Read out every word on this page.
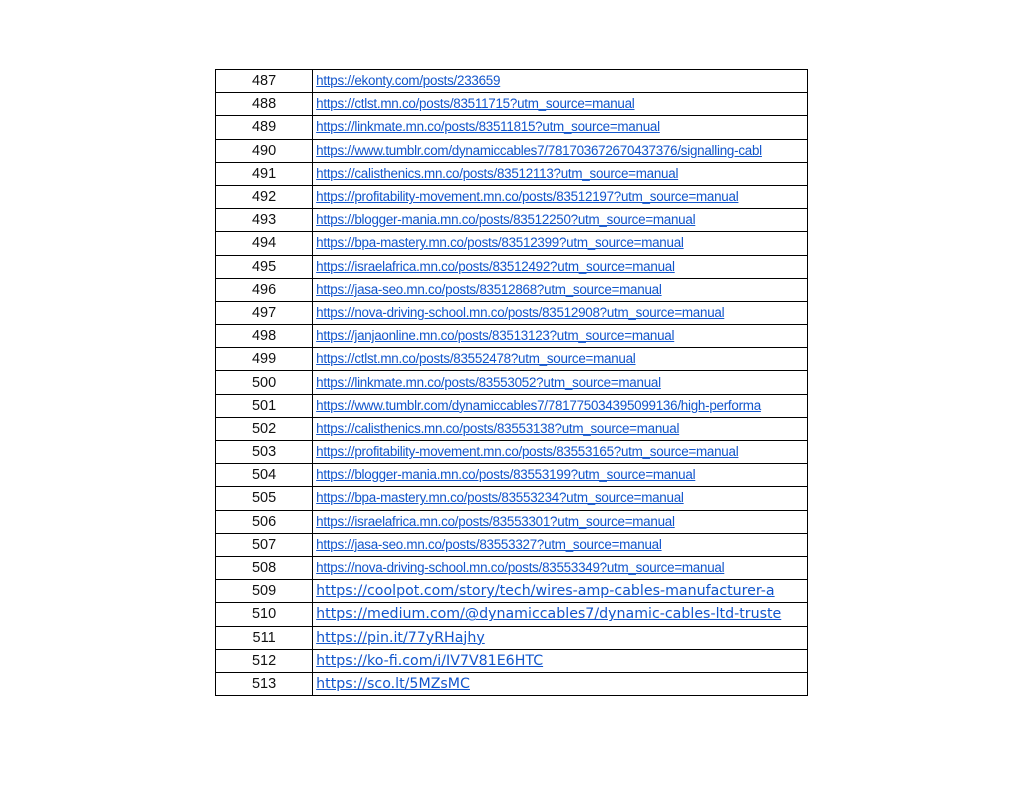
487	https://ekonty.com/posts/233659
488	https://ctlst.mn.co/posts/83511715?utm_source=manual
489	https://linkmate.mn.co/posts/83511815?utm_source=manual
490	https://www.tumblr.com/dynamiccables7/781703672670437376/signalling-cabl
491	https://calisthenics.mn.co/posts/83512113?utm_source=manual
492	https://profitability-movement.mn.co/posts/83512197?utm_source=manual
493	https://blogger-mania.mn.co/posts/83512250?utm_source=manual
494	https://bpa-mastery.mn.co/posts/83512399?utm_source=manual
495	https://israelafrica.mn.co/posts/83512492?utm_source=manual
496	https://jasa-seo.mn.co/posts/83512868?utm_source=manual
497	https://nova-driving-school.mn.co/posts/83512908?utm_source=manual
498	https://janjaonline.mn.co/posts/83513123?utm_source=manual
499	https://ctlst.mn.co/posts/83552478?utm_source=manual
500	https://linkmate.mn.co/posts/83553052?utm_source=manual
501	https://www.tumblr.com/dynamiccables7/781775034395099136/high-performa
502	https://calisthenics.mn.co/posts/83553138?utm_source=manual
503	https://profitability-movement.mn.co/posts/83553165?utm_source=manual
504	https://blogger-mania.mn.co/posts/83553199?utm_source=manual
505	https://bpa-mastery.mn.co/posts/83553234?utm_source=manual
506	https://israelafrica.mn.co/posts/83553301?utm_source=manual
507	https://jasa-seo.mn.co/posts/83553327?utm_source=manual
508	https://nova-driving-school.mn.co/posts/83553349?utm_source=manual
509	https://coolpot.com/story/tech/wires-amp-cables-manufacturer-a
510	https://medium.com/@dynamiccables7/dynamic-cables-ltd-truste
511	https://pin.it/77yRHajhy
512	https://ko-fi.com/i/IV7V81E6HTC
513	https://sco.lt/5MZsMC
